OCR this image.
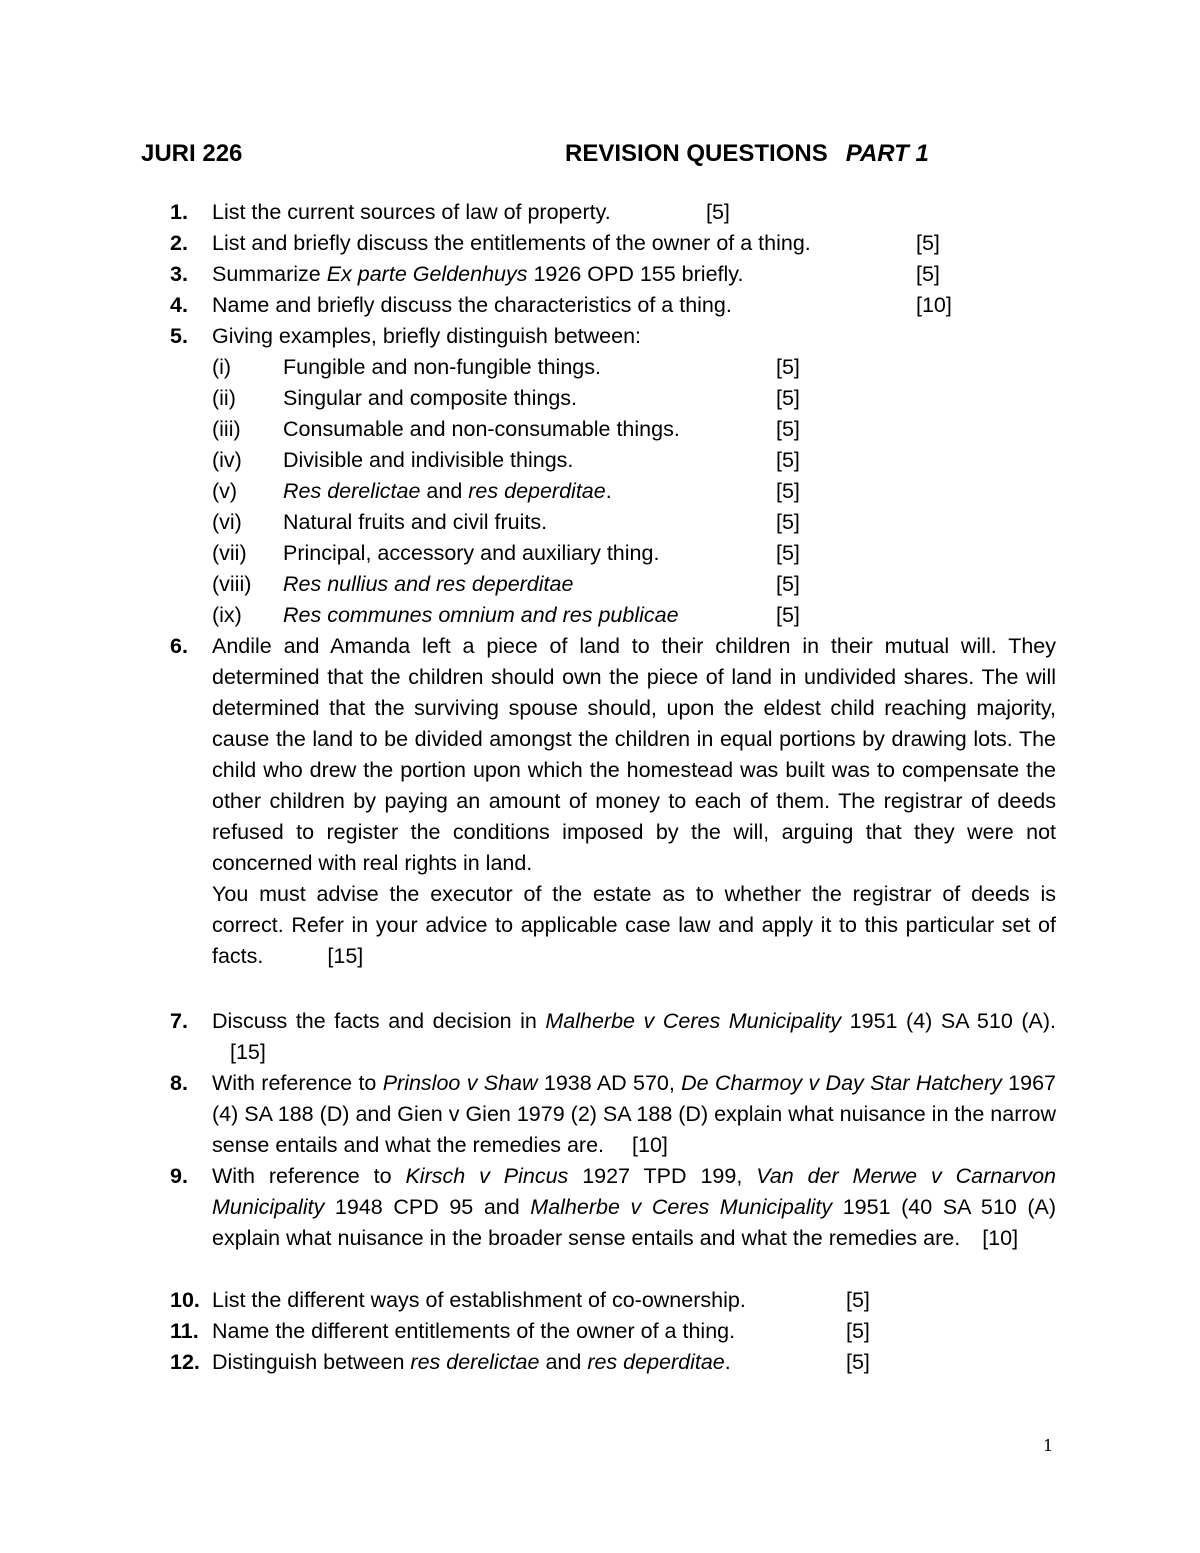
JURI 226	REVISION QUESTIONS PART 1
1. List the current sources of law of property.	[5]
2. List and briefly discuss the entitlements of the owner of a thing.	[5]
3. Summarize Ex parte Geldenhuys 1926 OPD 155 briefly.	[5]
4. Name and briefly discuss the characteristics of a thing.	[10]
5. Giving examples, briefly distinguish between:
(i) Fungible and non-fungible things.	[5]
(ii) Singular and composite things.	[5]
(iii) Consumable and non-consumable things.	[5]
(iv) Divisible and indivisible things.	[5]
(v) Res derelictae and res deperditae.	[5]
(vi) Natural fruits and civil fruits.	[5]
(vii) Principal, accessory and auxiliary thing.	[5]
(viii) Res nullius and res deperditae	[5]
(ix) Res communes omnium and res publicae	[5]
6. Andile and Amanda left a piece of land to their children in their mutual will. They determined that the children should own the piece of land in undivided shares. The will determined that the surviving spouse should, upon the eldest child reaching majority, cause the land to be divided amongst the children in equal portions by drawing lots. The child who drew the portion upon which the homestead was built was to compensate the other children by paying an amount of money to each of them. The registrar of deeds refused to register the conditions imposed by the will, arguing that they were not concerned with real rights in land.
You must advise the executor of the estate as to whether the registrar of deeds is correct. Refer in your advice to applicable case law and apply it to this particular set of facts.	[15]
7. Discuss the facts and decision in Malherbe v Ceres Municipality 1951 (4) SA 510 (A).[15]
8. With reference to Prinsloo v Shaw 1938 AD 570, De Charmoy v Day Star Hatchery 1967 (4) SA 188 (D) and Gien v Gien 1979 (2) SA 188 (D) explain what nuisance in the narrow sense entails and what the remedies are. [10]
9. With reference to Kirsch v Pincus 1927 TPD 199, Van der Merwe v Carnarvon Municipality 1948 CPD 95 and Malherbe v Ceres Municipality 1951 (40 SA 510 (A) explain what nuisance in the broader sense entails and what the remedies are. [10]
10. List the different ways of establishment of co-ownership.	[5]
11. Name the different entitlements of the owner of a thing.	[5]
12. Distinguish between res derelictae and res deperditae.	[5]
1
